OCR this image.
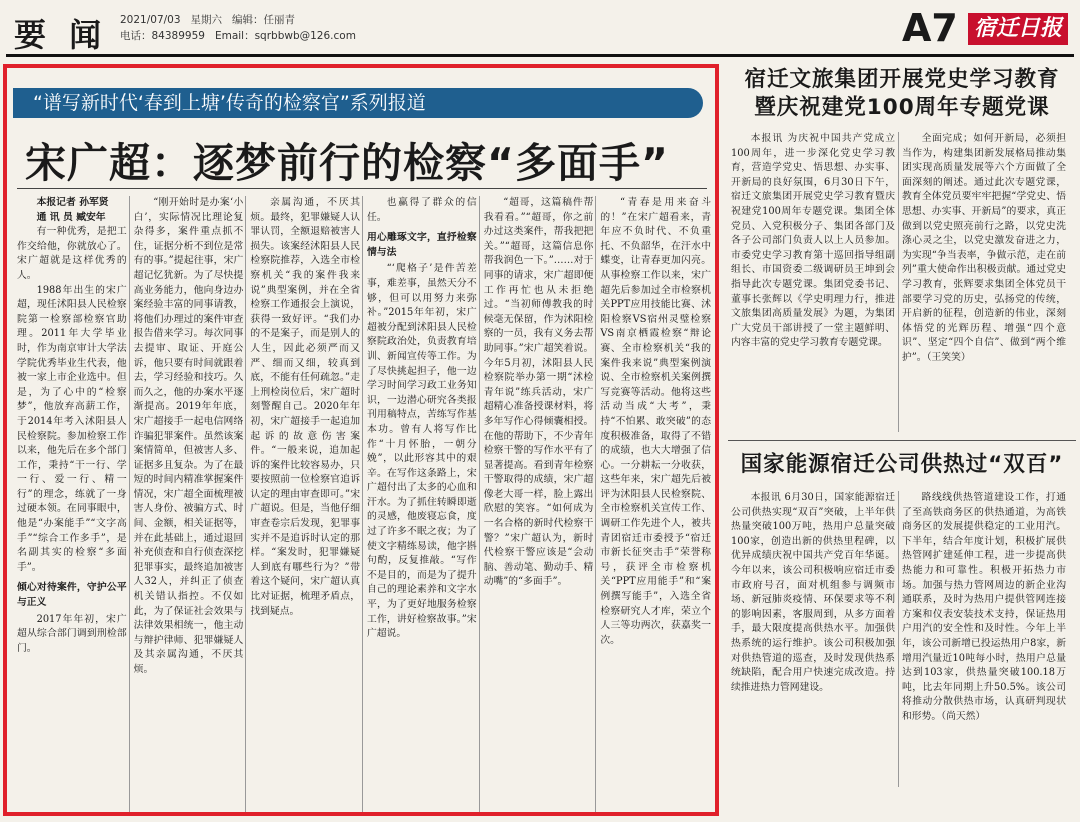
要 闻 2021/07/03 星期六 编辑：任丽青
电话：84389959 Email：sqrbbwb@126.com	A7 宿迁日报
“谱写新时代‘春到上塘’传奇的检察官”系列报道
宋广超：逐梦前行的检察“多面手”

本报记者 孙军贤

通 讯 员 臧安年

有一种优秀，是把工作交给他，你就放心了。宋广超就是这样优秀的人。

1988年出生的宋广超，现任沭阳县人民检察院第一检察部检察官助理。2011年大学毕业时，作为南京审计大学法学院优秀毕业生代表，他被一家上市企业选中。但是，为了心中的“检察梦”，他放弃高薪工作，于2014年考入沭阳县人民检察院。参加检察工作以来，他先后在多个部门工作，秉持“干一行、学一行、爱一行、精一行”的理念，练就了一身过硬本领。在同事眼中，他是“办案能手”“文字高手”“综合工作多手”，是名副其实的检察“多面手”。

倾心对待案件，守护公平与正义

2017年年初，宋广超从综合部门调到刑检部门。

“刚开始时是办案‘小白’，实际情况比理论复杂得多，案件重点抓不住，证据分析不到位是常有的事。”提起往事，宋广超记忆犹新。为了尽快提高业务能力，他向身边办案经验丰富的同事请教，将他们办理过的案件审查报告借来学习。每次同事去提审、取证、开庭公诉，他只要有时间就跟着去，学习经验和技巧。久而久之，他的办案水平逐渐提高。2019年年底，宋广超接手一起电信网络诈骗犯罪案件。虽然该案案情简单，但被害人多、证据多且复杂。为了在最短的时间内精准掌握案件情况，宋广超全面梳理被害人身份、被骗方式、时间、金额，相关证据等，并在此基础上，通过退回补充侦查和自行侦查深挖犯罪事实，最终追加被害人32人，并纠正了侦查机关错认指控。不仅如此，为了保证社会效果与法律效果相统一，他主动与辩护律师、犯罪嫌疑人及其亲属沟通，不厌其烦。

亲属沟通，不厌其烦。最终，犯罪嫌疑人认罪认罚，全额退赔被害人损失。该案经沭阳县人民检察院推荐，入选全市检察机关“我的案件我来说”典型案例，并在全省检察工作通报会上演说，获得一致好评。“我们办的不是案子，而是别人的人生，因此必须严而又严、细而又细，较真到底，不能有任何疏忽。”走上刑检岗位后，宋广超时刻警醒自己。2020年年初，宋广超接手一起追加起诉的故意伤害案件。“一般来说，追加起诉的案件比较容易办，只要按照前一位检察官追诉认定的理由审查即可。”宋广超说。但是，当他仔细审查卷宗后发现，犯罪事实并不是追诉时认定的那样。“案发时，犯罪嫌疑人到底有哪些行为？”带着这个疑问，宋广超认真比对证据，梳理矛盾点，找到疑点。

也赢得了群众的信任。

用心雕琢文字，直抒检察情与法

“‘爬格子’是件苦差事，难差事，虽然天分不够，但可以用努力来弥补。”2015年年初，宋广超被分配到沭阳县人民检察院政治处，负责教育培训、新闻宣传等工作。为了尽快挑起担子，他一边学习时间学习政工业务知识，一边潜心研究各类报刊用稿特点，苦练写作基本功。曾有人将写作比作“十月怀胎，一朝分娩”，以此形容其中的艰辛。在写作这条路上，宋广超付出了太多的心血和汗水。为了抓住转瞬即逝的灵感，他废寝忘食，度过了许多不眠之夜；为了使文字精练易读，他字斟句酌，反复推敲。“写作不是目的，而是为了提升自己的理论素养和文字水平，为了更好地服务检察工作，讲好检察故事。”宋广超说。

“超哥，这篇稿件帮我看看。”“超哥，你之前办过这类案件，帮我把把关。”“超哥，这篇信息你帮我润色一下。”……对于同事的请求，宋广超即便工作再忙也从未拒绝过。“当初师傅教我的时候毫无保留，作为沭阳检察的一员，我有义务去帮助同事。”宋广超笑着说。今年5月初，沭阳县人民检察院举办第一期“沭检青年说”练兵活动，宋广超精心准备授课材料，将多年写作心得倾囊相授。在他的帮助下，不少青年检察干警的写作水平有了显著提高。看到青年检察干警取得的成绩，宋广超像老大哥一样，脸上露出欣慰的笑容。“如何成为一名合格的新时代检察干警？”宋广超认为，新时代检察干警应该是“会动脑、善动笔、勤动手、精动嘴”的“多面手”。

“青春是用来奋斗的！”在宋广超看来，青年应不负时代、不负重托、不负韶华，在汗水中蝶变，让青春更加闪亮。从事检察工作以来，宋广超先后参加过全市检察机关PPT应用技能比赛、沭阳检察VS宿州灵璧检察VS南京栖霞检察“辩论赛、全市检察机关“我的案件我来说”典型案例演说、全市检察机关案例撰写竞赛等活动。他将这些活动当成“大考”，秉持“不怕累、敢突破”的态度积极准备，取得了不错的成绩，也大大增强了信心。一分耕耘一分收获，这些年来，宋广超先后被评为沭阳县人民检察院、全市检察机关宣传工作、调研工作先进个人，被共青团宿迁市委授予“宿迁市新长征突击手”荣誉称号，获评全市检察机关“PPT应用能手”和“案例撰写能手”，入选全省检察研究人才库，荣立个人三等功两次，获嘉奖一次。

宿迁文旅集团开展党史学习教育
暨庆祝建党100周年专题党课

本报讯 为庆祝中国共产党成立100周年，进一步深化党史学习教育，营造学党史、悟思想、办实事、开新局的良好氛围，6月30日下午，宿迁文旅集团开展党史学习教育暨庆祝建党100周年专题党课。集团全体党员、入党积极分子、集团各部门及各子公司部门负责人以上人员参加。市委党史学习教育第十巡回指导组副组长、市国资委二级调研员王坤到会指导此次专题党课。集团党委书记、董事长张辉以《学史明理力行，推进文旅集团高质量发展》为题，为集团广大党员干部讲授了一堂主题鲜明、内容丰富的党史学习教育专题党课。

全面完成；如何开新局，必须担当作为，构建集团新发展格局推动集团实现高质量发展等六个方面做了全面深刻的阐述。通过此次专题党课，教育全体党员要牢牢把握“学党史、悟思想、办实事、开新局”的要求，真正做到以党史照亮前行之路，以党史洗涤心灵之尘，以党史激发奋进之力，为实现“争当表率，争做示范，走在前列”重大使命作出积极贡献。通过党史学习教育，张辉要求集团全体党员干部要学习党的历史，弘扬党的传统，开启新的征程，创造新的伟业，深刻体悟党的光辉历程、增强“四个意识”、坚定“四个自信”、做到“两个维护”。（王笑笑）

国家能源宿迁公司供热过“双百”

本报讯 6月30日，国家能源宿迁公司供热实现“双百”突破，上半年供热量突破100万吨，热用户总量突破100家，创造出新的供热里程碑，以优异成绩庆祝中国共产党百年华诞。今年以来，该公司积极响应宿迁市委市政府号召，面对机组参与调频市场、新冠肺炎疫情、环保要求等不利的影响因素，客服周到，从多方面着手，最大限度提高供热水平。加强供热系统的运行维护。该公司积极加强对供热管道的巡查，及时发现供热系统缺陷，配合用户快速完成改造。持续推进热力管网建设。

路线线供热管道建设工作，打通了至高铁商务区的供热通道，为高铁商务区的发展提供稳定的工业用汽。下半年，结合年度计划，积极扩展供热管网扩建延伸工程，进一步提高供热能力和可靠性。积极开拓热力市场。加强与热力管网周边的新企业沟通联系，及时为热用户提供管网连接方案和仪表安装技术支持，保证热用户用汽的安全性和及时性。今年上半年，该公司新增已投运热用户8家，新增用汽量近10吨每小时，热用户总量达到103家，供热量突破100.18万吨，比去年同期上升50.5%。该公司将推动分散供热市场，认真研判现状和形势。（尚天然）
